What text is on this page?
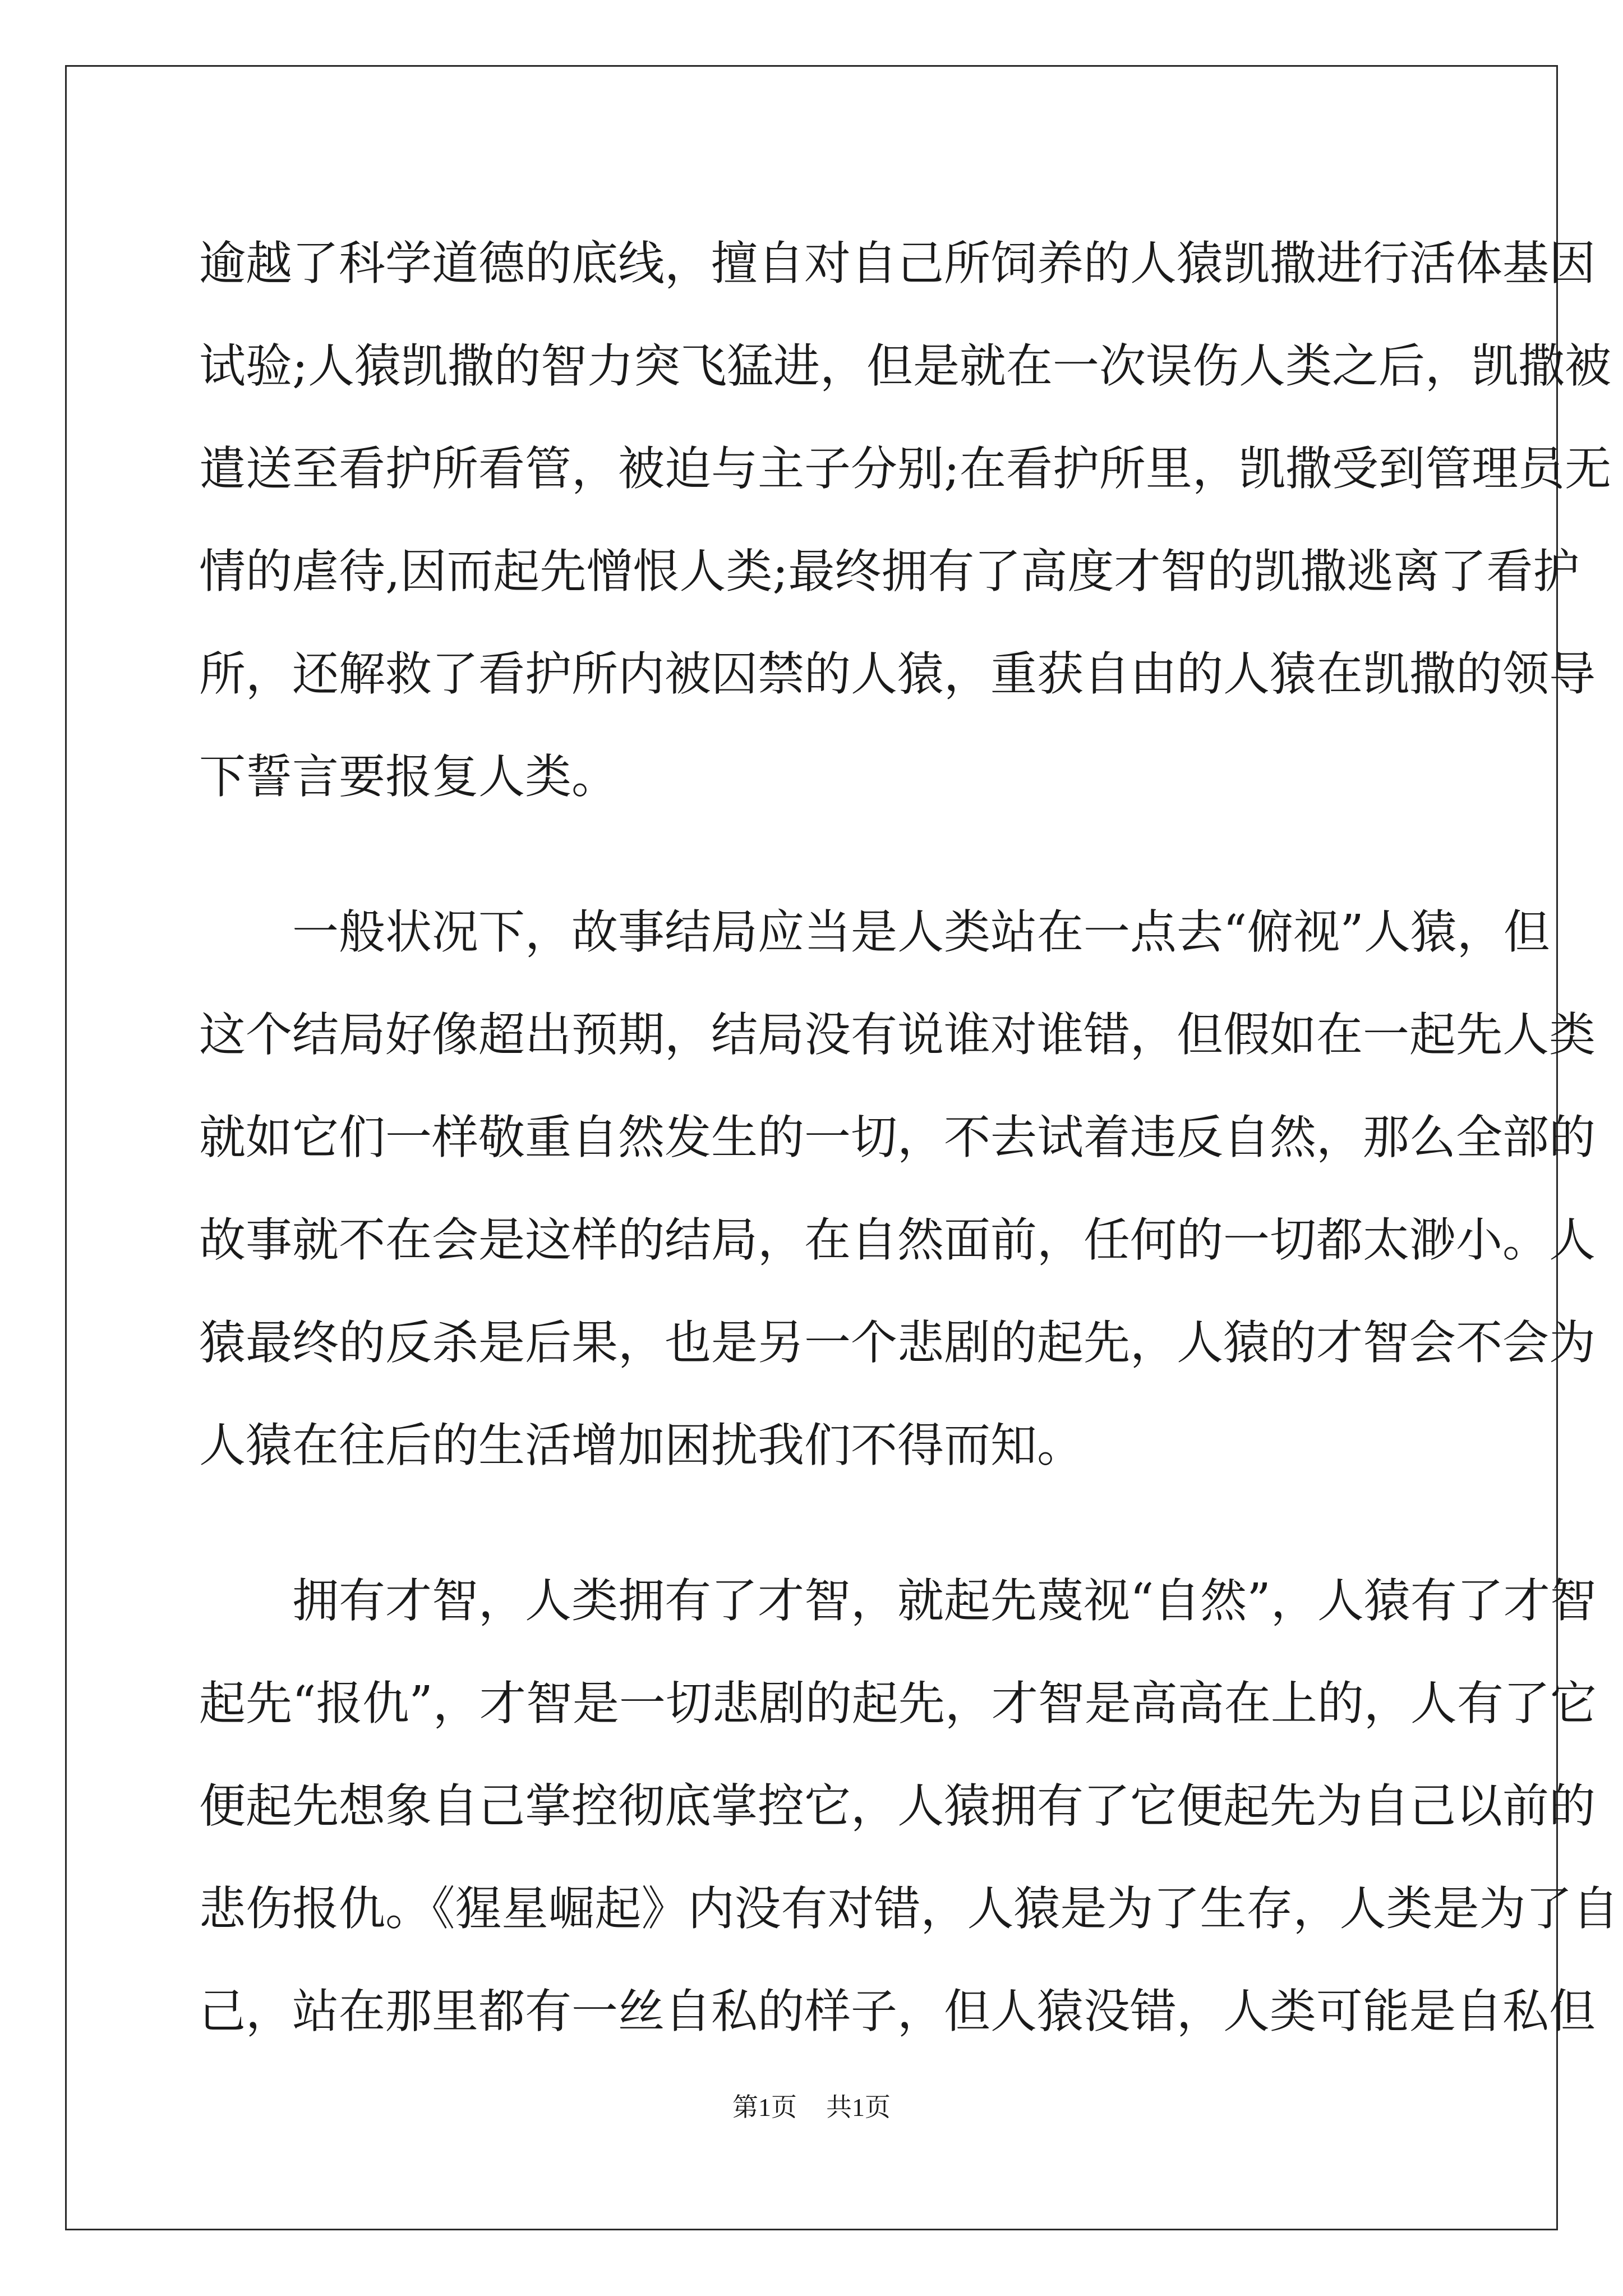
逾越了科学道德的底线，擅自对自己所饲养的人猿凯撒进行活体基因
试验;人猿凯撒的智力突飞猛进，但是就在一次误伤人类之后，凯撒被
遣送至看护所看管，被迫与主子分别;在看护所里，凯撒受到管理员无
情的虐待,因而起先憎恨人类;最终拥有了高度才智的凯撒逃离了看护
所，还解救了看护所内被囚禁的人猿，重获自由的人猿在凯撒的领导
下誓言要报复人类。
　　一般状况下，故事结局应当是人类站在一点去“俯视”人猿，但
这个结局好像超出预期，结局没有说谁对谁错，但假如在一起先人类
就如它们一样敬重自然发生的一切，不去试着违反自然，那么全部的
故事就不在会是这样的结局，在自然面前，任何的一切都太渺小。人
猿最终的反杀是后果，也是另一个悲剧的起先，人猿的才智会不会为
人猿在往后的生活增加困扰我们不得而知。
　　拥有才智，人类拥有了才智，就起先蔑视“自然”，人猿有了才智
起先“报仇”，才智是一切悲剧的起先，才智是高高在上的，人有了它
便起先想象自己掌控彻底掌控它，人猿拥有了它便起先为自己以前的
悲伤报仇。《猩星崛起》内没有对错，人猿是为了生存，人类是为了自
己，站在那里都有一丝自私的样子，但人猿没错，人类可能是自私但
第1页 共1页
